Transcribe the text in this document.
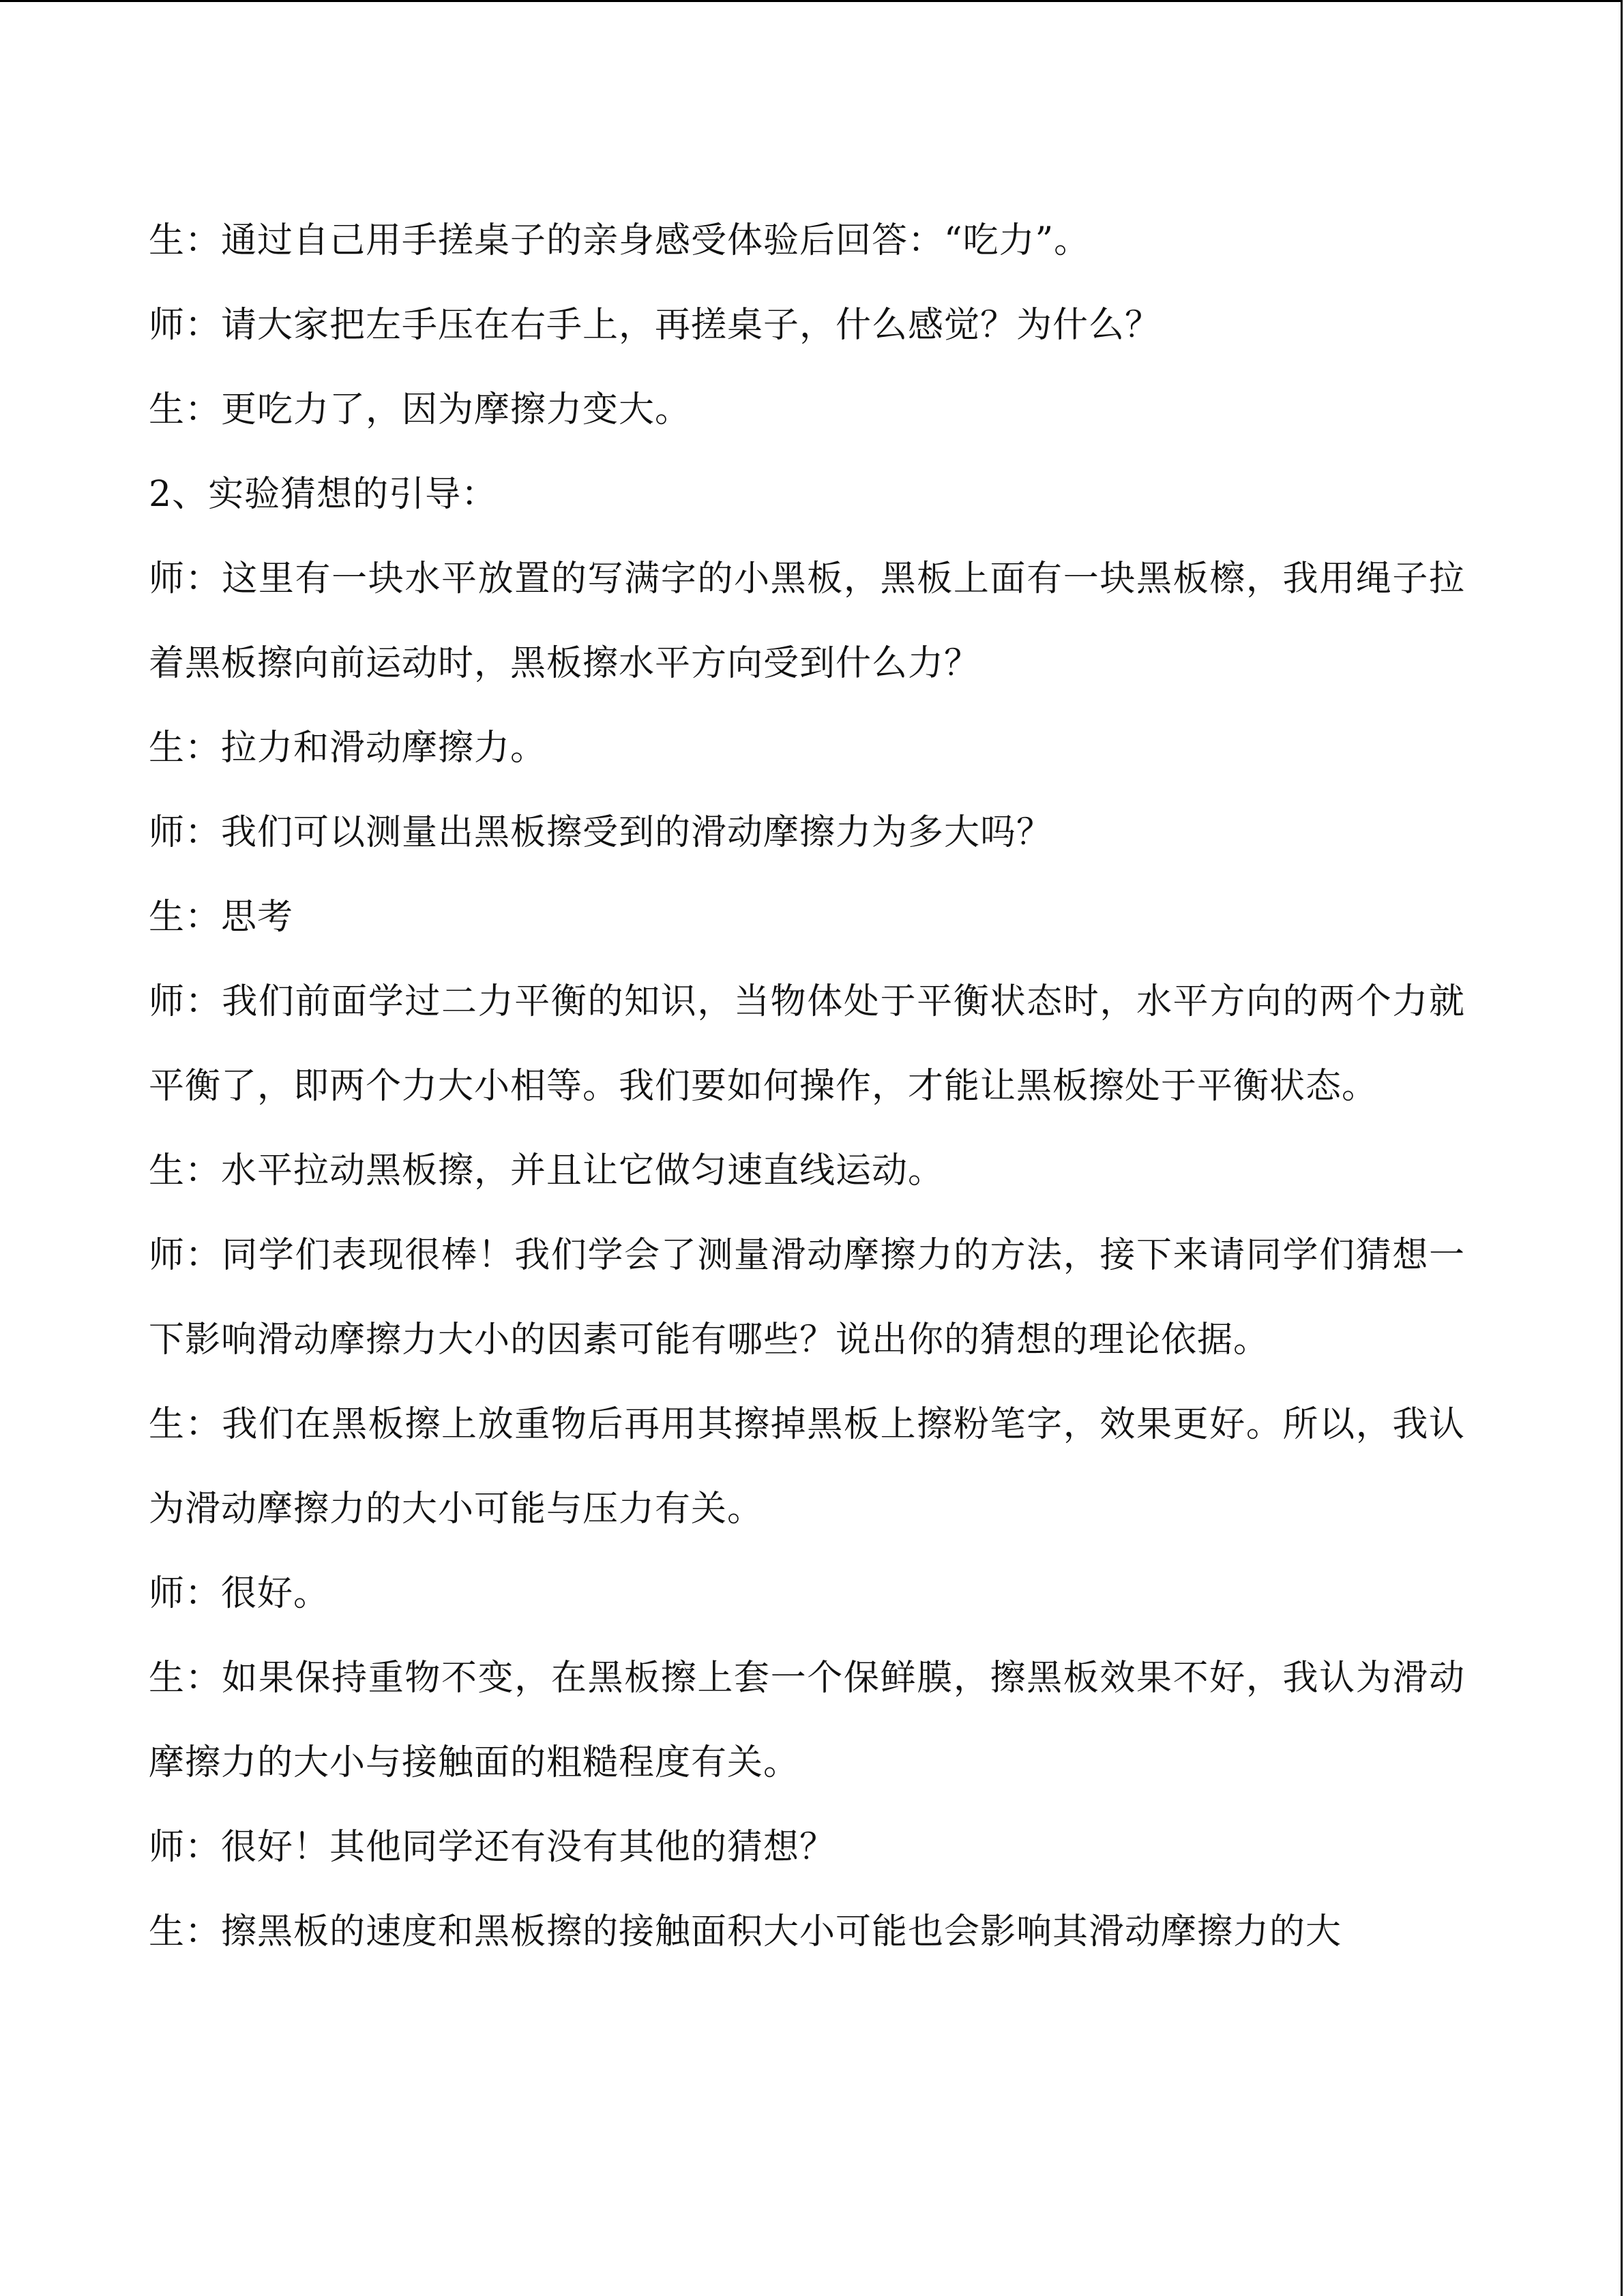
生：通过自己用手搓桌子的亲身感受体验后回答：“吃力”。

师：请大家把左手压在右手上，再搓桌子，什么感觉？为什么？

生：更吃力了，因为摩擦力变大。

2、实验猜想的引导：

师：这里有一块水平放置的写满字的小黑板，黑板上面有一块黑板檫，我用绳子拉着黑板擦向前运动时，黑板擦水平方向受到什么力？

生：拉力和滑动摩擦力。

师：我们可以测量出黑板擦受到的滑动摩擦力为多大吗？

生：思考

师：我们前面学过二力平衡的知识，当物体处于平衡状态时，水平方向的两个力就平衡了，即两个力大小相等。我们要如何操作，才能让黑板擦处于平衡状态。

生：水平拉动黑板擦，并且让它做匀速直线运动。

师：同学们表现很棒！我们学会了测量滑动摩擦力的方法，接下来请同学们猜想一下影响滑动摩擦力大小的因素可能有哪些？说出你的猜想的理论依据。

生：我们在黑板擦上放重物后再用其擦掉黑板上擦粉笔字，效果更好。所以，我认为滑动摩擦力的大小可能与压力有关。

师：很好。

生：如果保持重物不变，在黑板擦上套一个保鲜膜，擦黑板效果不好，我认为滑动摩擦力的大小与接触面的粗糙程度有关。

师：很好！其他同学还有没有其他的猜想？

生：擦黑板的速度和黑板擦的接触面积大小可能也会影响其滑动摩擦力的大
